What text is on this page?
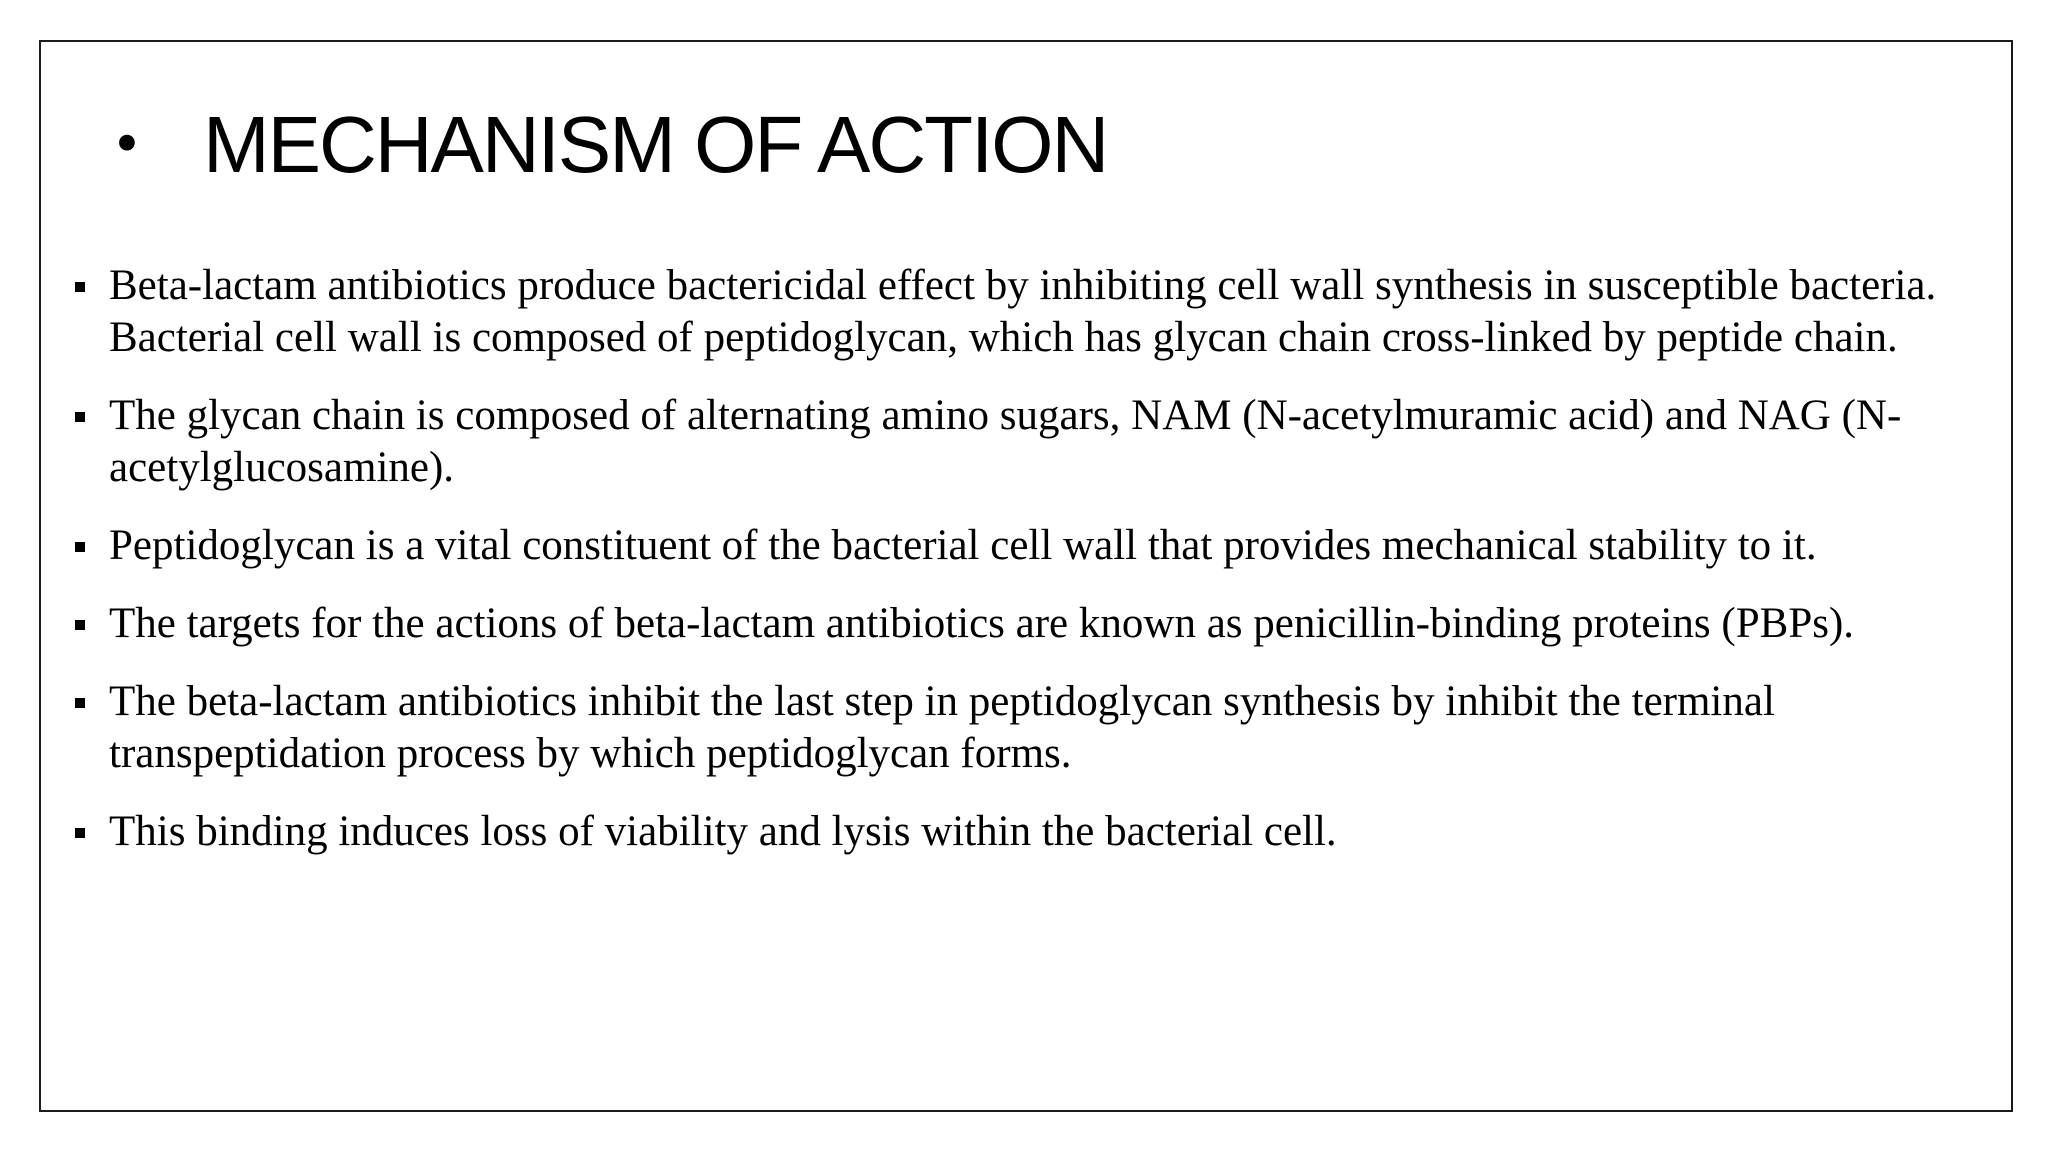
• MECHANISM OF ACTION
Beta-lactam antibiotics produce bactericidal effect by inhibiting cell wall synthesis in susceptible bacteria. Bacterial cell wall is composed of peptidoglycan, which has glycan chain cross-linked by peptide chain.
The glycan chain is composed of alternating amino sugars, NAM (N-acetylmuramic acid) and NAG (N-acetylglucosamine).
Peptidoglycan is a vital constituent of the bacterial cell wall that provides mechanical stability to it.
The targets for the actions of beta-lactam antibiotics are known as penicillin-binding proteins (PBPs).
The beta-lactam antibiotics inhibit the last step in peptidoglycan synthesis by inhibit the terminal transpeptidation process by which peptidoglycan forms.
This binding induces loss of viability and lysis within the bacterial cell.
